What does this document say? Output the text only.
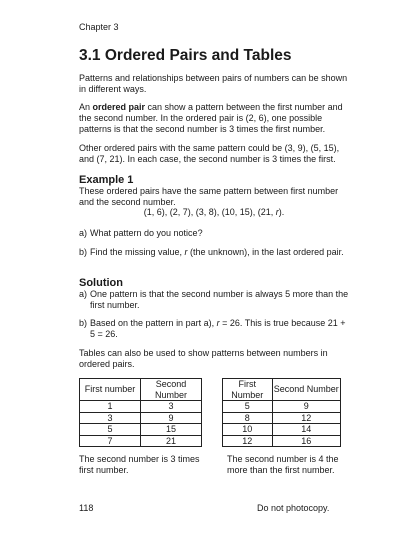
Chapter 3
3.1 Ordered Pairs and Tables
Patterns and relationships between pairs of numbers can be shown in different ways.
An ordered pair can show a pattern between the first number and the second number. In the ordered pair is (2, 6), one possible patterns is that the second number is 3 times the first number.
Other ordered pairs with the same pattern could be (3, 9), (5, 15), and (7, 21). In each case, the second number is 3 times the first.
Example 1
These ordered pairs have the same pattern between first number and the second number.
(1, 6), (2, 7), (3, 8), (10, 15), (21, r).
a) What pattern do you notice?
b) Find the missing value, r (the unknown), in the last ordered pair.
Solution
a) One pattern is that the second number is always 5 more than the first number.
b) Based on the pattern in part a), r = 26. This is true because 21 + 5 = 26.
Tables can also be used to show patterns between numbers in ordered pairs.
First number	Second Number
1	3
3	9
5	15
7	21
First Number	Second Number
5	9
8	12
10	14
12	16
The second number is 3 times first number.
The second number is 4 the more than the first number.
118	Do not photocopy.
